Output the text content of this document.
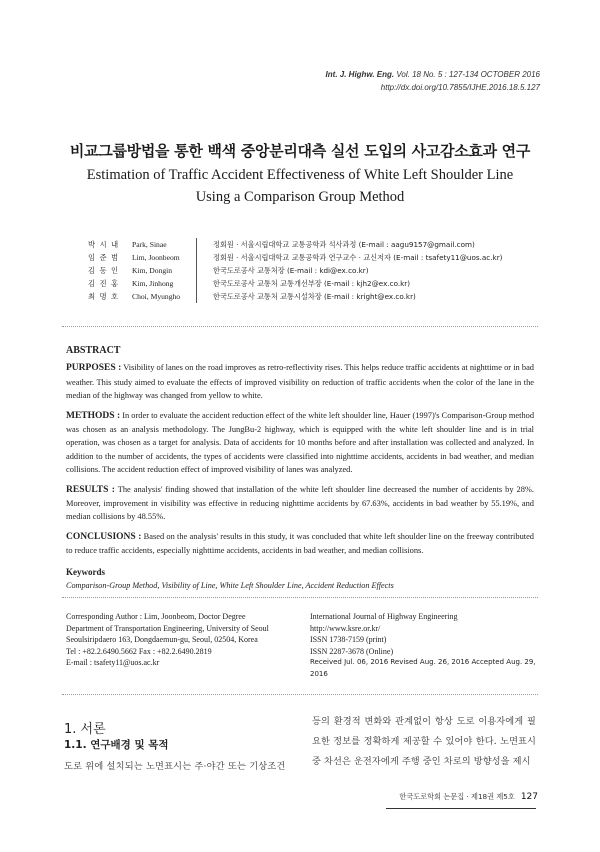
Int. J. Highw. Eng. Vol. 18 No. 5 : 127-134 OCTOBER 2016
http://dx.doi.org/10.7855/IJHE.2016.18.5.127
비교그룹방법을 통한 백색 중앙분리대측 실선 도입의 사고감소효과 연구
Estimation of Traffic Accident Effectiveness of White Left Shoulder Line
Using a Comparison Group Method
박 시 내	Park, Sinae	정회원 · 서울시립대학교 교통공학과 석사과정 (E-mail : aagu9157@gmail.com)
임 준 범	Lim, Joonbeom	정회원 · 서울시립대학교 교통공학과 연구교수 · 교신저자 (E-mail : tsafety11@uos.ac.kr)
김 동 인	Kim, Dongin	한국도로공사 교통처장 (E-mail : kdi@ex.co.kr)
김 진 홍	Kim, Jinhong	한국도로공사 교통처 교통개선부장 (E-mail : kjh2@ex.co.kr)
최 명 호	Choi, Myungho	한국도로공사 교통처 교통시설차장 (E-mail : kright@ex.co.kr)
ABSTRACT

PURPOSES : Visibility of lanes on the road improves as retro-reflectivity rises. This helps reduce traffic accidents at nighttime or in bad weather. This study aimed to evaluate the effects of improved visibility on reduction of traffic accidents when the color of the lane in the median of the highway was changed from yellow to white.

METHODS : In order to evaluate the accident reduction effect of the white left shoulder line, Hauer (1997)'s Comparison-Group method was chosen as an analysis methodology. The JungBu-2 highway, which is equipped with the white left shoulder line and is in trial operation, was chosen as a target for analysis. Data of accidents for 10 months before and after installation was collected and analyzed. In addition to the number of accidents, the types of accidents were classified into nighttime accidents, accidents in bad weather, and median collisions. The accident reduction effect of improved visibility of lanes was analyzed.

RESULTS : The analysis' finding showed that installation of the white left shoulder line decreased the number of accidents by 28%. Moreover, improvement in visibility was effective in reducing nighttime accidents by 67.63%, accidents in bad weather by 55.19%, and median collisions by 48.55%.

CONCLUSIONS : Based on the analysis' results in this study, it was concluded that white left shoulder line on the freeway contributed to reduce traffic accidents, especially nighttime accidents, accidents in bad weather, and median collisions.

Keywords
Comparison-Group Method, Visibility of Line, White Left Shoulder Line, Accident Reduction Effects
Corresponding Author : Lim, Joonbeom, Doctor Degree
Department of Transportation Engineering, University of Seoul
Seoulsiripdaero 163, Dongdaemun-gu, Seoul, 02504, Korea
Tel : +82.2.6490.5662 Fax : +82.2.6490.2819
E-mail : tsafety11@uos.ac.kr
International Journal of Highway Engineering
http://www.ksre.or.kr/
ISSN 1738-7159 (print)
ISSN 2287-3678 (Online)
Received Jul. 06, 2016 Revised Aug. 26, 2016 Accepted Aug. 29, 2016
1. 서론
1.1. 연구배경 및 목적
도로 위에 설치되는 노면표시는 주·야간 또는 기상조건
등의 환경적 변화와 관계없이 항상 도로 이용자에게 필요한 정보를 정확하게 제공할 수 있어야 한다. 노면표시 중 차선은 운전자에게 주행 중인 차로의 방향성을 제시
한국도로학회 논문집 · 제18권 제5호 127
